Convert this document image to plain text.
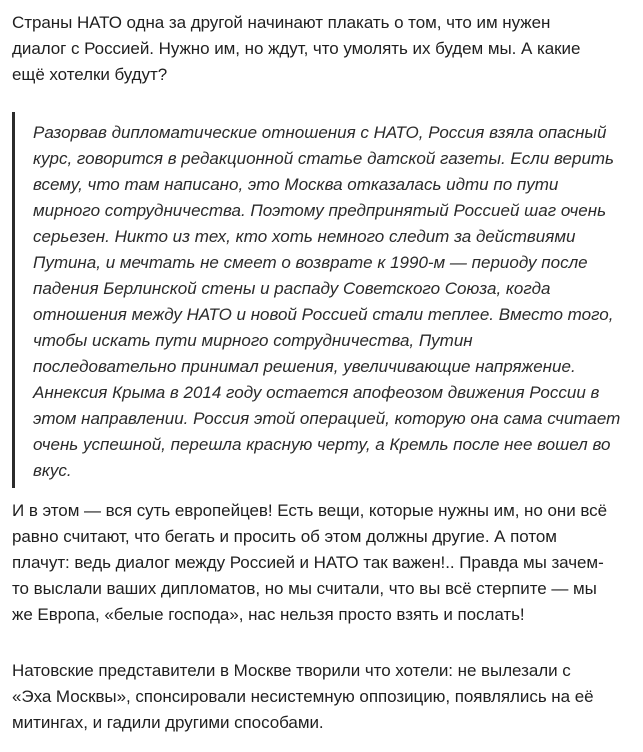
Страны НАТО одна за другой начинают плакать о том, что им нужен
диалог с Россией. Нужно им, но ждут, что умолять их будем мы. А какие
ещё хотелки будут?

Разорвав дипломатические отношения с НАТО, Россия взяла опасный
курс, говорится в редакционной статье датской газеты. Если верить
всему, что там написано, это Москва отказалась идти по пути
мирного сотрудничества. Поэтому предпринятый Россией шаг очень
серьезен. Никто из тех, кто хоть немного следит за действиями
Путина, и мечтать не смеет о возврате к 1990-м — периоду после
падения Берлинской стены и распаду Советского Союза, когда
отношения между НАТО и новой Россией стали теплее. Вместо того,
чтобы искать пути мирного сотрудничества, Путин
последовательно принимал решения, увеличивающие напряжение.
Аннексия Крыма в 2014 году остается апофеозом движения России в
этом направлении. Россия этой операцией, которую она сама считает
очень успешной, перешла красную черту, а Кремль после нее вошел во
вкус.

И в этом — вся суть европейцев! Есть вещи, которые нужны им, но они всё
равно считают, что бегать и просить об этом должны другие. А потом
плачут: ведь диалог между Россией и НАТО так важен!.. Правда мы зачем-
то выслали ваших дипломатов, но мы считали, что вы всё стерпите — мы
же Европа, «белые господа», нас нельзя просто взять и послать!

Натовские представители в Москве творили что хотели: не вылезали с
«Эха Москвы», спонсировали несистемную оппозицию, появлялись на её
митингах, и гадили другими способами.
